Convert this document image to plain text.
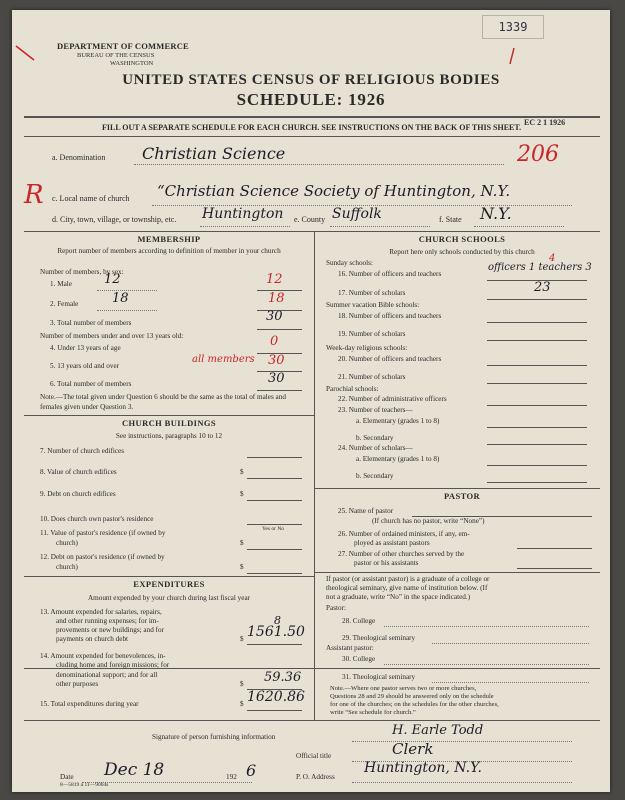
DEPARTMENT OF COMMERCE
BUREAU OF THE CENSUS
WASHINGTON
1339
UNITED STATES CENSUS OF RELIGIOUS BODIES
SCHEDULE: 1926
FILL OUT A SEPARATE SCHEDULE FOR EACH CHURCH. SEE INSTRUCTIONS ON THE BACK OF THIS SHEET.
EC 2 1 1926
206
a. Denomination Christian Science
R c. Local name of church “Christian Science Society of Huntington, N.Y.
d. City, town, village, or township, etc. Huntington e. County Suffolk	f. State N.Y.
MEMBERSHIP
Report number of members according to definition of member in your church
Number of members, by sex:
1. Male 12	12
2. Female	18	18
3. Total number of members	30
Number of members under and over 13 years old:
4. Under 13 years of age	0
5. 13 years old and over
all members 30
6. Total number of members	30
Note.—The total given under Question 6 should be the same as the total of males and females given under Question 3.
CHURCH BUILDINGS
See instructions, paragraphs 10 to 12
7. Number of church edifices
8. Value of church edifices	$
9. Debt on church edifices	$
10. Does church own pastor's residence
Yes or No
11. Value of pastor's residence (if owned by
church)	$
12. Debt on pastor's residence (if owned by
church)	$
EXPENDITURES
Amount expended by your church during last fiscal year
13. Amount expended for salaries, repairs,
and other running expenses; for im-
provements or new buildings; and for
payments on church debt
8
$ 1561.50
14. Amount expended for benevolences, in-
cluding home and foreign missions; for
denominational support; and for all
other purposes	$ 59.36
15. Total expenditures during year	$ 1620.86
CHURCH SCHOOLS
Report here only schools conducted by this church
Sunday schools:
16. Number of officers and teachers
officers 1 teachers 3
4
17. Number of scholars	23
Summer vacation Bible schools:
18. Number of officers and teachers
19. Number of scholars
Week-day religious schools:
20. Number of officers and teachers
21. Number of scholars
Parochial schools:
22. Number of administrative officers
23. Number of teachers—
a. Elementary (grades 1 to 8)
b. Secondary
24. Number of scholars—
a. Elementary (grades 1 to 8)
b. Secondary
PASTOR
25. Name of pastor
(If church has no pastor, write “None”)
26. Number of ordained ministers, if any, em-
ployed as assistant pastors
27. Number of other churches served by the
pastor or his assistants
If pastor (or assistant pastor) is a graduate of a college or
theological seminary, give name of institution below. (If
not a graduate, write “No” in the space indicated.)
Pastor:
28. College
29. Theological seminary
Assistant pastor:
30. College
31. Theological seminary
Note.—Where one pastor serves two or more churches,
Questions 28 and 29 should be answered only on the schedule
for one of the churches; on the schedules for the other churches,
write “See schedule for church.”
Signature of person furnishing information	H. Earle Todd
Official title	Clerk
Date Dec 18	192 6	P. O. Address
Huntington, N.Y.
8—5819 a 11—9064s
